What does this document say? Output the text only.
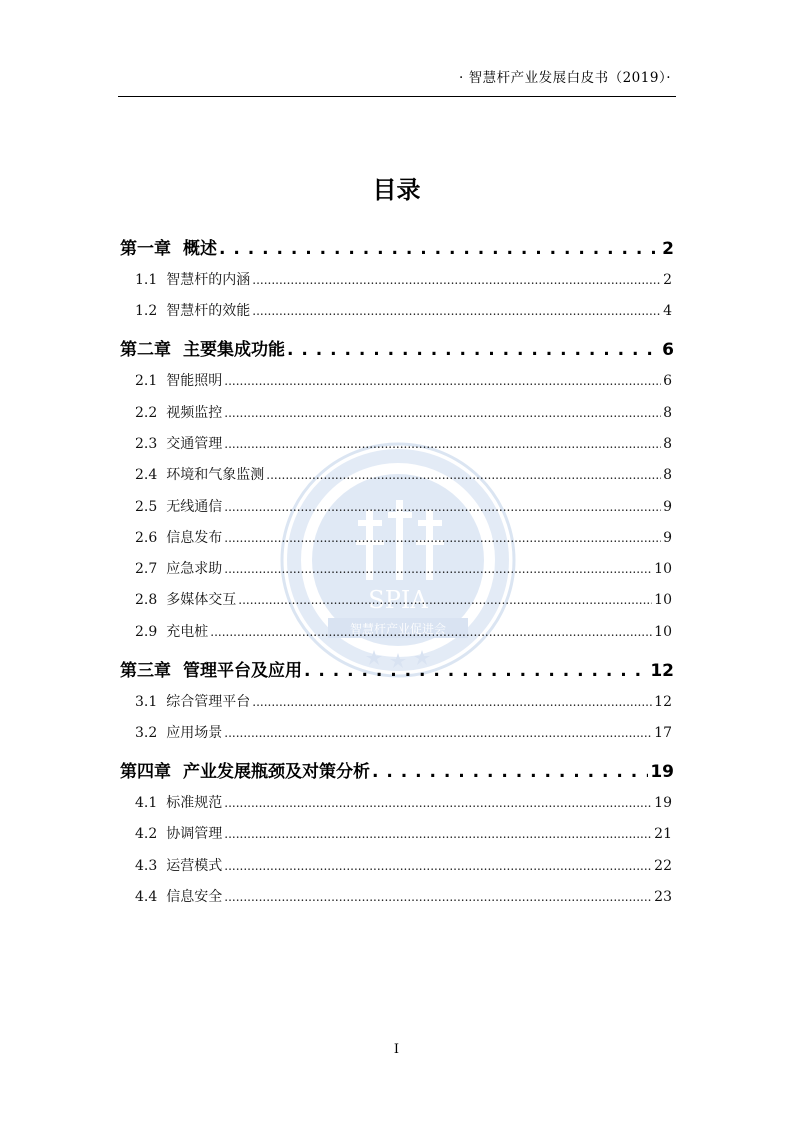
· 智慧杆产业发展白皮书（2019）·
目录
SPIA
智慧杆产业促进会
第一章 概述 . . .	2
1.1 智慧杆的内涵 .....	2
1.2 智慧杆的效能 .....	4
第二章 主要集成功能 . . .	6
2.1 智能照明 .....	6
2.2 视频监控 .....	8
2.3 交通管理 .....	8
2.4 环境和气象监测 .....	8
2.5 无线通信 .....	9
2.6 信息发布 .....	9
2.7 应急求助 .....	10
2.8 多媒体交互 .....	10
2.9 充电桩 .....	10
第三章 管理平台及应用 . . .	12
3.1 综合管理平台 .....	12
3.2 应用场景 .....	17
第四章 产业发展瓶颈及对策分析 . . .	19
4.1 标准规范 .....	19
4.2 协调管理 .....	21
4.3 运营模式 .....	22
4.4 信息安全 .....	23
I
